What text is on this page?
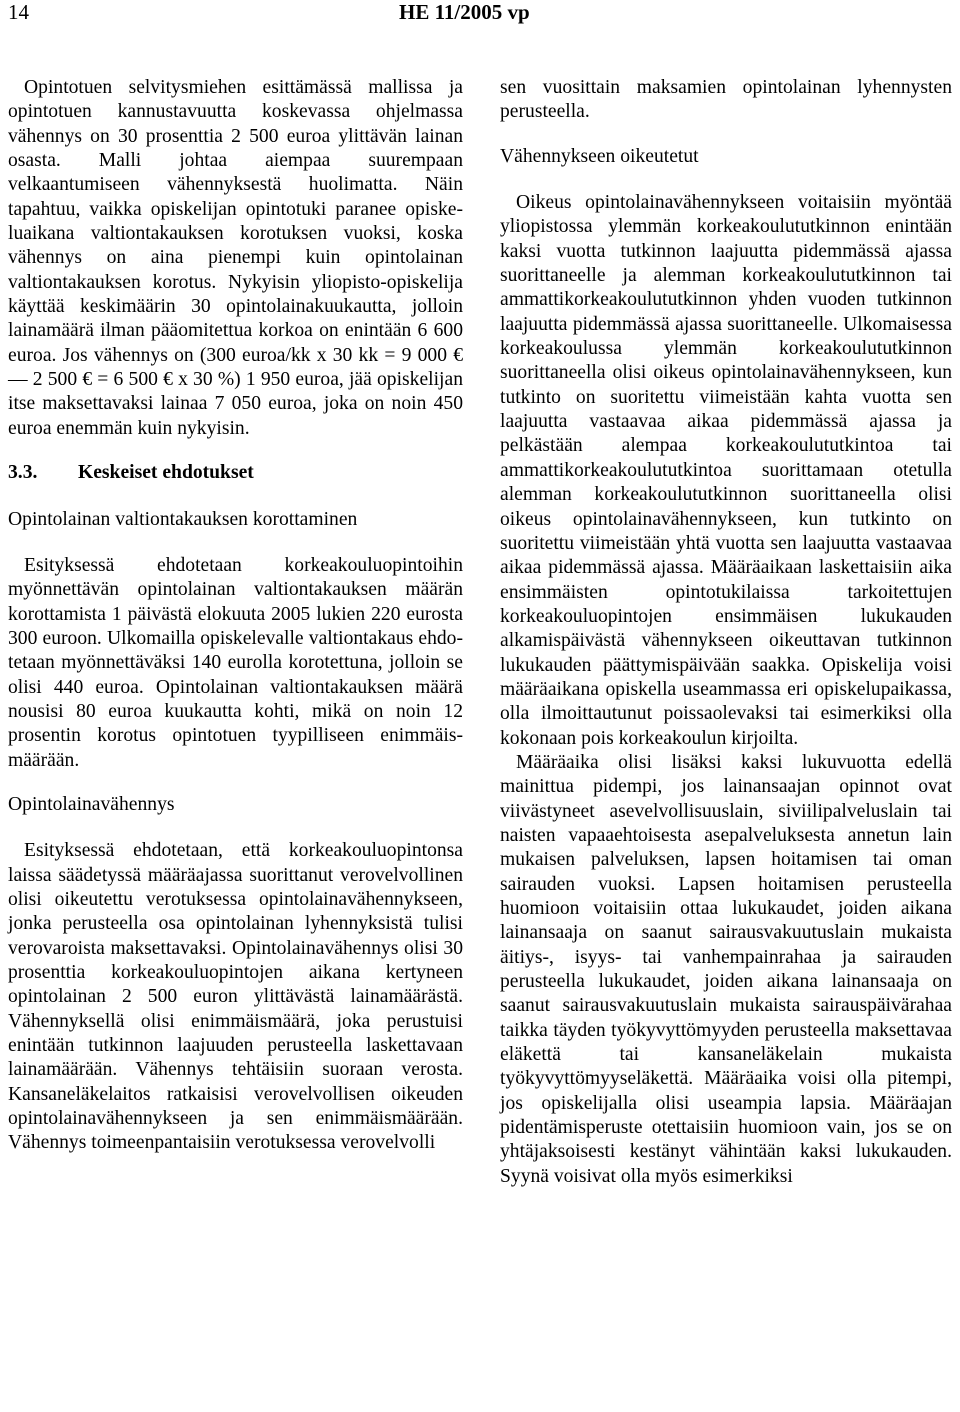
14	HE 11/2005 vp

Opintotuen selvitysmiehen esittämässä mallissa ja opintotuen kannustavuutta koskevassa ohjelmassa vähennys on 30 prosenttia 2 500 euroa ylittävän lainan osasta. Malli johtaa aiempaa suurempaan velkaantumiseen vähennyksestä huolimatta. Näin tapahtuu, vaikka opiskelijan opintotuki paranee opiskeluaikana valtiontakauksen korotuksen vuoksi, koska vähennys on aina pienempi kuin opintolainan valtiontakauksen korotus. Nykyisin yliopisto-opiskelija käyttää keskimäärin 30 opintolainakuukautta, jolloin lainamäärä ilman pääomitettua korkoa on enintään 6 600 euroa. Jos vähennys on (300 euroa/kk x 30 kk = 9 000 € — 2 500 € = 6 500 € x 30 %) 1 950 euroa, jää opiskelijan itse maksettavaksi lainaa 7 050 euroa, joka on noin 450 euroa enemmän kuin nykyisin.

3.3. Keskeiset ehdotukset
Opintolainan valtiontakauksen korottaminen

Esityksessä ehdotetaan korkeakouluopintoihin myönnettävän opintolainan valtiontakauksen määrän korottamista 1 päivästä elokuuta 2005 lukien 220 eurosta 300 euroon. Ulkomailla opiskelevalle valtiontakaus ehdotetaan myönnettäväksi 140 eurolla korotettuna, jolloin se olisi 440 euroa. Opintolainan valtiontakauksen määrä nousisi 80 euroa kuukautta kohti, mikä on noin 12 prosentin korotus opintotuen tyypilliseen enimmäismäärään.

Opintolainavähennys

Esityksessä ehdotetaan, että korkeakouluopintonsa laissa säädetyssä määräajassa suorittanut verovelvollinen olisi oikeutettu verotuksessa opintolainavähennykseen, jonka perusteella osa opintolainan lyhennyksistä tulisi verovaroista maksettavaksi. Opintolainavähennys olisi 30 prosenttia korkeakouluopintojen aikana kertyneen opintolainan 2 500 euron ylittävästä lainamäärästä. Vähennyksellä olisi enimmäismäärä, joka perustuisi enintään tutkinnon laajuuden perusteella laskettavaan lainamäärään. Vähennys tehtäisiin suoraan verosta. Kansaneläkelaitos ratkaisisi verovelvollisen oikeuden opintolainavähennykseen ja sen enimmäismäärään. Vähennys toimeenpantaisiin verotuksessa verovelvolli

sen vuosittain maksamien opintolainan lyhennysten perusteella.

Vähennykseen oikeutetut

Oikeus opintolainavähennykseen voitaisiin myöntää yliopistossa ylemmän korkeakoulututkinnon enintään kaksi vuotta tutkinnon laajuutta pidemmässä ajassa suorittaneelle ja alemman korkeakoulututkinnon tai ammattikorkeakoulututkinnon yhden vuoden tutkinnon laajuutta pidemmässä ajassa suorittaneelle. Ulkomaisessa korkeakoulussa ylemmän korkeakoulututkinnon suorittaneella olisi oikeus opintolainavähennykseen, kun tutkinto on suoritettu viimeistään kahta vuotta sen laajuutta vastaavaa aikaa pidemmässä ajassa ja pelkästään alempaa korkeakoulututkintoa tai ammattikorkeakoulututkintoa suorittamaan otetulla alemman korkeakoulututkinnon suorittaneella olisi oikeus opintolainavähennykseen, kun tutkinto on suoritettu viimeistään yhtä vuotta sen laajuutta vastaavaa aikaa pidemmässä ajassa. Määräaikaan laskettaisiin aika ensimmäisten opintotukilaissa tarkoitettujen korkeakouluopintojen ensimmäisen lukukauden alkamispäivästä vähennykseen oikeuttavan tutkinnon lukukauden päättymispäivään saakka. Opiskelija voisi määräaikana opiskella useammassa eri opiskelupaikassa, olla ilmoittautunut poissaolevaksi tai esimerkiksi olla kokonaan pois korkeakoulun kirjoilta.

Määräaika olisi lisäksi kaksi lukuvuotta edellä mainittua pidempi, jos lainansaajan opinnot ovat viivästyneet asevelvollisuuslain, siviilipalveluslain tai naisten vapaaehtoisesta asepalveluksesta annetun lain mukaisen palveluksen, lapsen hoitamisen tai oman sairauden vuoksi. Lapsen hoitamisen perusteella huomioon voitaisiin ottaa lukukaudet, joiden aikana lainansaaja on saanut sairausvakuutuslain mukaista äitiys-, isyys- tai vanhempainrahaa ja sairauden perusteella lukukaudet, joiden aikana lainansaaja on saanut sairausvakuutuslain mukaista sairauspäivärahaa taikka täyden työkyvyttömyyden perusteella maksettavaa eläkettä tai kansaneläkelain mukaista työkyvyttömyyseläkettä. Määräaika voisi olla pitempi, jos opiskelijalla olisi useampia lapsia. Määräajan pidentämisperuste otettaisiin huomioon vain, jos se on yhtäjaksoisesti kestänyt vähintään kaksi lukukauden. Syynä voisivat olla myös esimerkiksi
